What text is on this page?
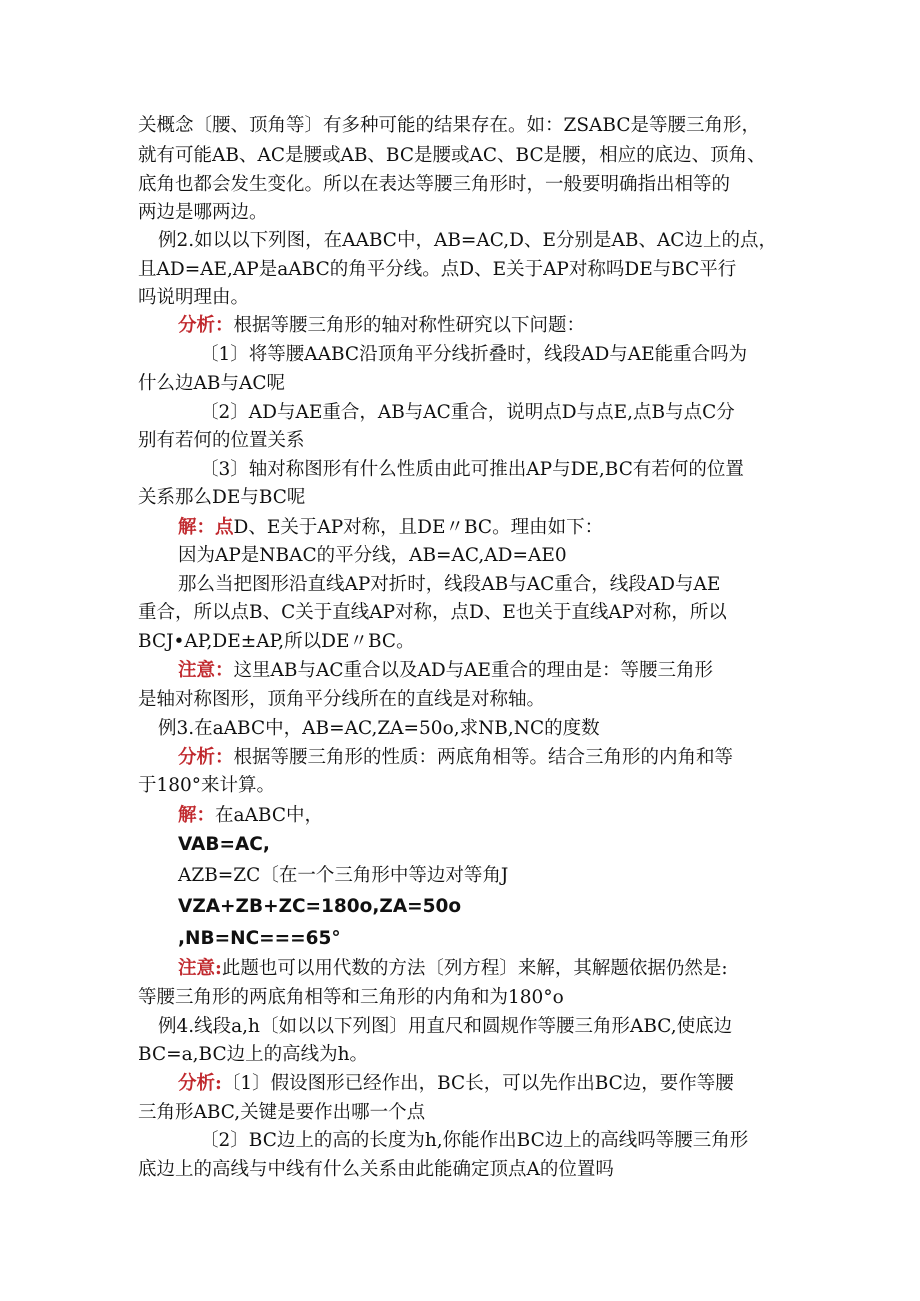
关概念〔腰、顶角等〕有多种可能的结果存在。如：ZSABC是等腰三角形，
就有可能AB、AC是腰或AB、BC是腰或AC、BC是腰，相应的底边、顶角、
底角也都会发生变化。所以在表达等腰三角形时，一般要明确指出相等的
两边是哪两边。
例2.如以以下列图，在AABC中，AB=AC,D、E分别是AB、AC边上的点，
且AD=AE,AP是aABC的角平分线。点D、E关于AP对称吗DE与BC平行
吗说明理由。
分析：根据等腰三角形的轴对称性研究以下问题：
〔1〕将等腰AABC沿顶角平分线折叠时，线段AD与AE能重合吗为
什么边AB与AC呢
〔2〕AD与AE重合，AB与AC重合，说明点D与点E,点B与点C分
别有若何的位置关系
〔3〕轴对称图形有什么性质由此可推出AP与DE,BC有若何的位置
关系那么DE与BC呢
解：点D、E关于AP对称，且DE〃BC。理由如下：
因为AP是NBAC的平分线，AB=AC,AD=AE0
那么当把图形沿直线AP对折时，线段AB与AC重合，线段AD与AE
重合，所以点B、C关于直线AP对称，点D、E也关于直线AP对称，所以
BCJ•AP,DE±AP,所以DE〃BC。
注意：这里AB与AC重合以及AD与AE重合的理由是：等腰三角形
是轴对称图形，顶角平分线所在的直线是对称轴。
例3.在aABC中，AB=AC,ZA=50o,求NB,NC的度数
分析：根据等腰三角形的性质：两底角相等。结合三角形的内角和等
于180°来计算。
解：在aABC中，
VAB=AC,
AZB=ZC〔在一个三角形中等边对等角J
VZA+ZB+ZC=180o,ZA=50o
,NB=NC===65°
注意:此题也可以用代数的方法〔列方程〕来解，其解题依据仍然是:
等腰三角形的两底角相等和三角形的内角和为180°o
例4.线段a,h〔如以以下列图〕用直尺和圆规作等腰三角形ABC,使底边
BC=a,BC边上的高线为h。
分析:〔1〕假设图形已经作出，BC长，可以先作出BC边，要作等腰
三角形ABC,关键是要作出哪一个点
〔2〕BC边上的高的长度为h,你能作出BC边上的高线吗等腰三角形
底边上的高线与中线有什么关系由此能确定顶点A的位置吗
